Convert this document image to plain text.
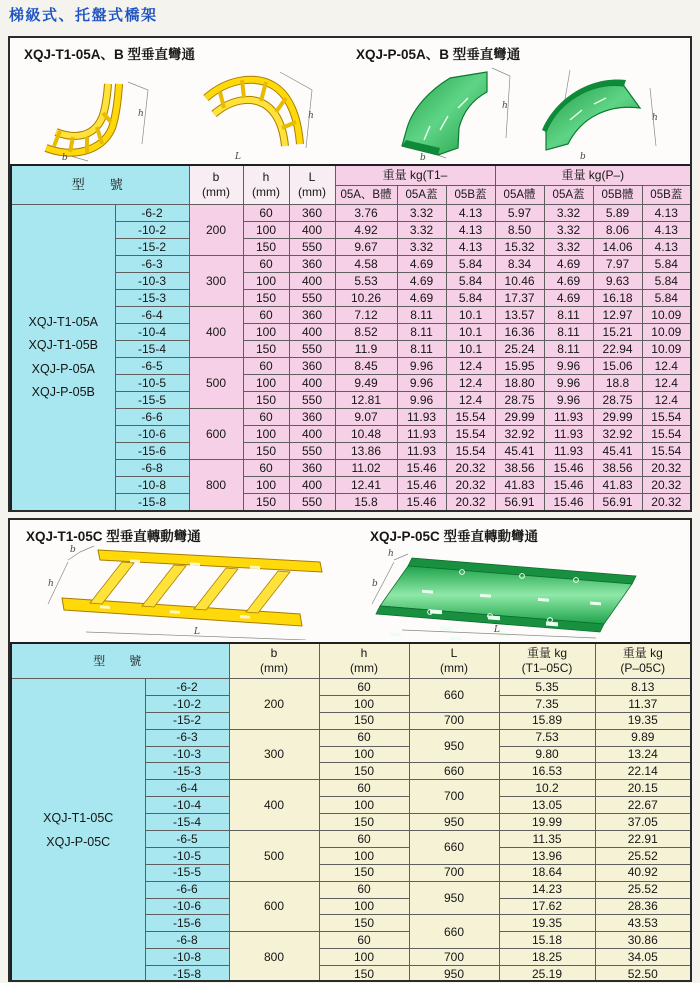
梯級式、托盤式橋架
XQJ-T1-05A、B 型垂直彎通	XQJ-P-05A、B 型垂直彎通
h
b
h
L
h
b
h
b
型　號	
b
(mm)

h
(mm)

L
(mm)
	重量 kg(T1–	重量 kg(P–)
					05A、B體	05A蓋	05B蓋	05A體	05A蓋	05B體	05B蓋

XQJ-T1-05A
XQJ-T1-05B
XQJ-P-05A
XQJ-P-05B	-6-2	200	60	360	3.76	3.32	4.13	5.97	3.32	5.89	4.13
	-10-2		100	400	4.92	3.32	4.13	8.50	3.32	8.06	4.13
	-15-2		150	550	9.67	3.32	4.13	15.32	3.32	14.06	4.13
	-6-3	300	60	360	4.58	4.69	5.84	8.34	4.69	7.97	5.84
	-10-3		100	400	5.53	4.69	5.84	10.46	4.69	9.63	5.84
	-15-3		150	550	10.26	4.69	5.84	17.37	4.69	16.18	5.84
	-6-4	400	60	360	7.12	8.11	10.1	13.57	8.11	12.97	10.09
	-10-4		100	400	8.52	8.11	10.1	16.36	8.11	15.21	10.09
	-15-4		150	550	11.9	8.11	10.1	25.24	8.11	22.94	10.09
	-6-5	500	60	360	8.45	9.96	12.4	15.95	9.96	15.06	12.4
	-10-5		100	400	9.49	9.96	12.4	18.80	9.96	18.8	12.4
	-15-5		150	550	12.81	9.96	12.4	28.75	9.96	28.75	12.4
	-6-6	600	60	360	9.07	11.93	15.54	29.99	11.93	29.99	15.54
	-10-6		100	400	10.48	11.93	15.54	32.92	11.93	32.92	15.54
	-15-6		150	550	13.86	11.93	15.54	45.41	11.93	45.41	15.54
	-6-8	800	60	360	11.02	15.46	20.32	38.56	15.46	38.56	20.32
	-10-8		100	400	12.41	15.46	20.32	41.83	15.46	41.83	20.32
	-15-8		150	550	15.8	15.46	20.32	56.91	15.46	56.91	20.32
XQJ-T1-05C 型垂直轉動彎通	XQJ-P-05C 型垂直轉動彎通
b
h
L
h
b
L
型　號	
b
(mm)

h
(mm)

L
(mm)

重量 kg
(T1–05C)

重量 kg
(P–05C)

XQJ-T1-05C
XQJ-P-05C	-6-2	200	60	660	5.35	8.13
	-10-2		100		7.35	11.37
	-15-2		150	700	15.89	19.35
	-6-3	300	60	950	7.53	9.89
	-10-3		100		9.80	13.24
	-15-3		150	660	16.53	22.14
	-6-4	400	60	700	10.2	20.15
	-10-4		100		13.05	22.67
	-15-4		150	950	19.99	37.05
	-6-5	500	60	660	11.35	22.91
	-10-5		100		13.96	25.52
	-15-5		150	700	18.64	40.92
	-6-6	600	60	950	14.23	25.52
	-10-6		100		17.62	28.36
	-15-6		150	660	19.35	43.53
	-6-8	800	60		15.18	30.86
	-10-8		100	700	18.25	34.05
	-15-8		150	950	25.19	52.50
